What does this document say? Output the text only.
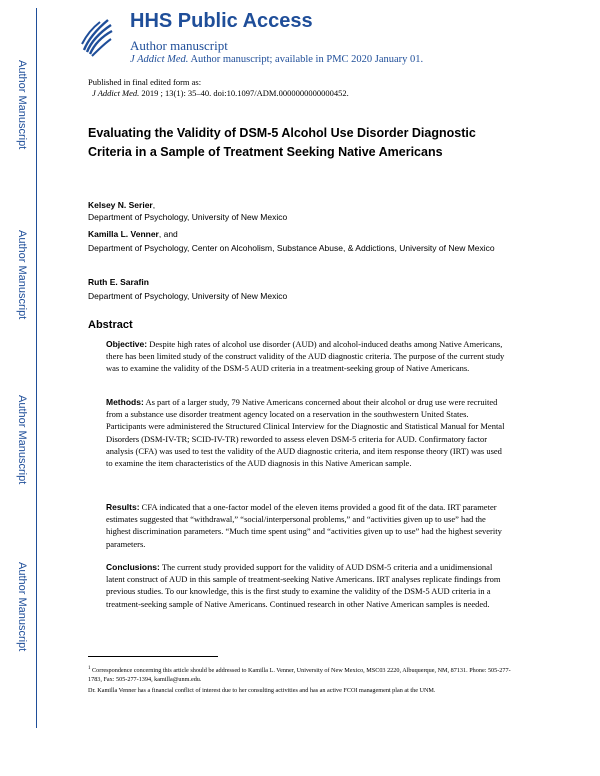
Author Manuscript
Author Manuscript
Author Manuscript
Author Manuscript
HHS Public Access
Author manuscript
J Addict Med. Author manuscript; available in PMC 2020 January 01.
Published in final edited form as:
J Addict Med. 2019 ; 13(1): 35–40. doi:10.1097/ADM.0000000000000452.
Evaluating the Validity of DSM-5 Alcohol Use Disorder Diagnostic Criteria in a Sample of Treatment Seeking Native Americans
Kelsey N. Serier,
Department of Psychology, University of New Mexico
Kamilla L. Venner, and
Department of Psychology, Center on Alcoholism, Substance Abuse, & Addictions, University of New Mexico
Ruth E. Sarafin
Department of Psychology, University of New Mexico
Abstract
Objective: Despite high rates of alcohol use disorder (AUD) and alcohol-induced deaths among Native Americans, there has been limited study of the construct validity of the AUD diagnostic criteria. The purpose of the current study was to examine the validity of the DSM-5 AUD criteria in a treatment-seeking group of Native Americans.
Methods: As part of a larger study, 79 Native Americans concerned about their alcohol or drug use were recruited from a substance use disorder treatment agency located on a reservation in the southwestern United States. Participants were administered the Structured Clinical Interview for the Diagnostic and Statistical Manual for Mental Disorders (DSM-IV-TR; SCID-IV-TR) reworded to assess eleven DSM-5 criteria for AUD. Confirmatory factor analysis (CFA) was used to test the validity of the AUD diagnostic criteria, and item response theory (IRT) was used to examine the item characteristics of the AUD diagnosis in this Native American sample.
Results: CFA indicated that a one-factor model of the eleven items provided a good fit of the data. IRT parameter estimates suggested that “withdrawal,” “social/interpersonal problems,” and “activities given up to use” had the highest discrimination parameters. “Much time spent using” and “activities given up to use” had the highest severity parameters.
Conclusions: The current study provided support for the validity of AUD DSM-5 criteria and a unidimensional latent construct of AUD in this sample of treatment-seeking Native Americans. IRT analyses replicate findings from previous studies. To our knowledge, this is the first study to examine the validity of the DSM-5 AUD criteria in a treatment-seeking sample of Native Americans. Continued research in other Native American samples is needed.
$^1$ Correspondence concerning this article should be addressed to Kamilla L. Venner, University of New Mexico, MSC03 2220, Albuquerque, NM, 87131. Phone: 505-277-1783, Fax: 505-277-1394, kamilla@unm.edu.
Dr. Kamilla Venner has a financial conflict of interest due to her consulting activities and has an active FCOI management plan at the UNM.
